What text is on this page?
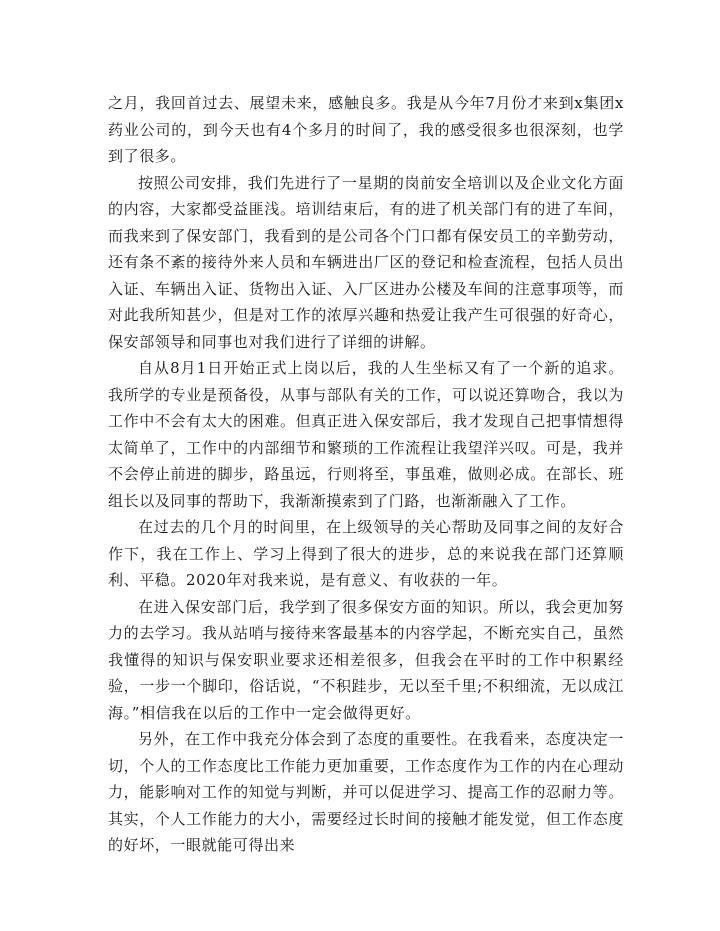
之月，我回首过去、展望未来，感触良多。我是从今年7月份才来到x集团x药业公司的，到今天也有4个多月的时间了，我的感受很多也很深刻，也学到了很多。

按照公司安排，我们先进行了一星期的岗前安全培训以及企业文化方面的内容，大家都受益匪浅。培训结束后，有的进了机关部门有的进了车间，而我来到了保安部门，我看到的是公司各个门口都有保安员工的辛勤劳动，还有条不紊的接待外来人员和车辆进出厂区的登记和检查流程，包括人员出入证、车辆出入证、货物出入证、入厂区进办公楼及车间的注意事项等，而对此我所知甚少，但是对工作的浓厚兴趣和热爱让我产生可很强的好奇心，保安部领导和同事也对我们进行了详细的讲解。

自从8月1日开始正式上岗以后，我的人生坐标又有了一个新的追求。我所学的专业是预备役，从事与部队有关的工作，可以说还算吻合，我以为工作中不会有太大的困难。但真正进入保安部后，我才发现自己把事情想得太简单了，工作中的内部细节和繁琐的工作流程让我望洋兴叹。可是，我并不会停止前进的脚步，路虽远，行则将至，事虽难，做则必成。在部长、班组长以及同事的帮助下，我渐渐摸索到了门路，也渐渐融入了工作。

在过去的几个月的时间里，在上级领导的关心帮助及同事之间的友好合作下，我在工作上、学习上得到了很大的进步，总的来说我在部门还算顺利、平稳。2020年对我来说，是有意义、有收获的一年。

在进入保安部门后，我学到了很多保安方面的知识。所以，我会更加努力的去学习。我从站哨与接待来客最基本的内容学起，不断充实自己，虽然我懂得的知识与保安职业要求还相差很多，但我会在平时的工作中积累经验，一步一个脚印，俗话说，“不积跬步，无以至千里;不积细流，无以成江海。”相信我在以后的工作中一定会做得更好。

另外，在工作中我充分体会到了态度的重要性。在我看来，态度决定一切，个人的工作态度比工作能力更加重要，工作态度作为工作的内在心理动力，能影响对工作的知觉与判断，并可以促进学习、提高工作的忍耐力等。其实，个人工作能力的大小，需要经过长时间的接触才能发觉，但工作态度的好坏，一眼就能可得出来
